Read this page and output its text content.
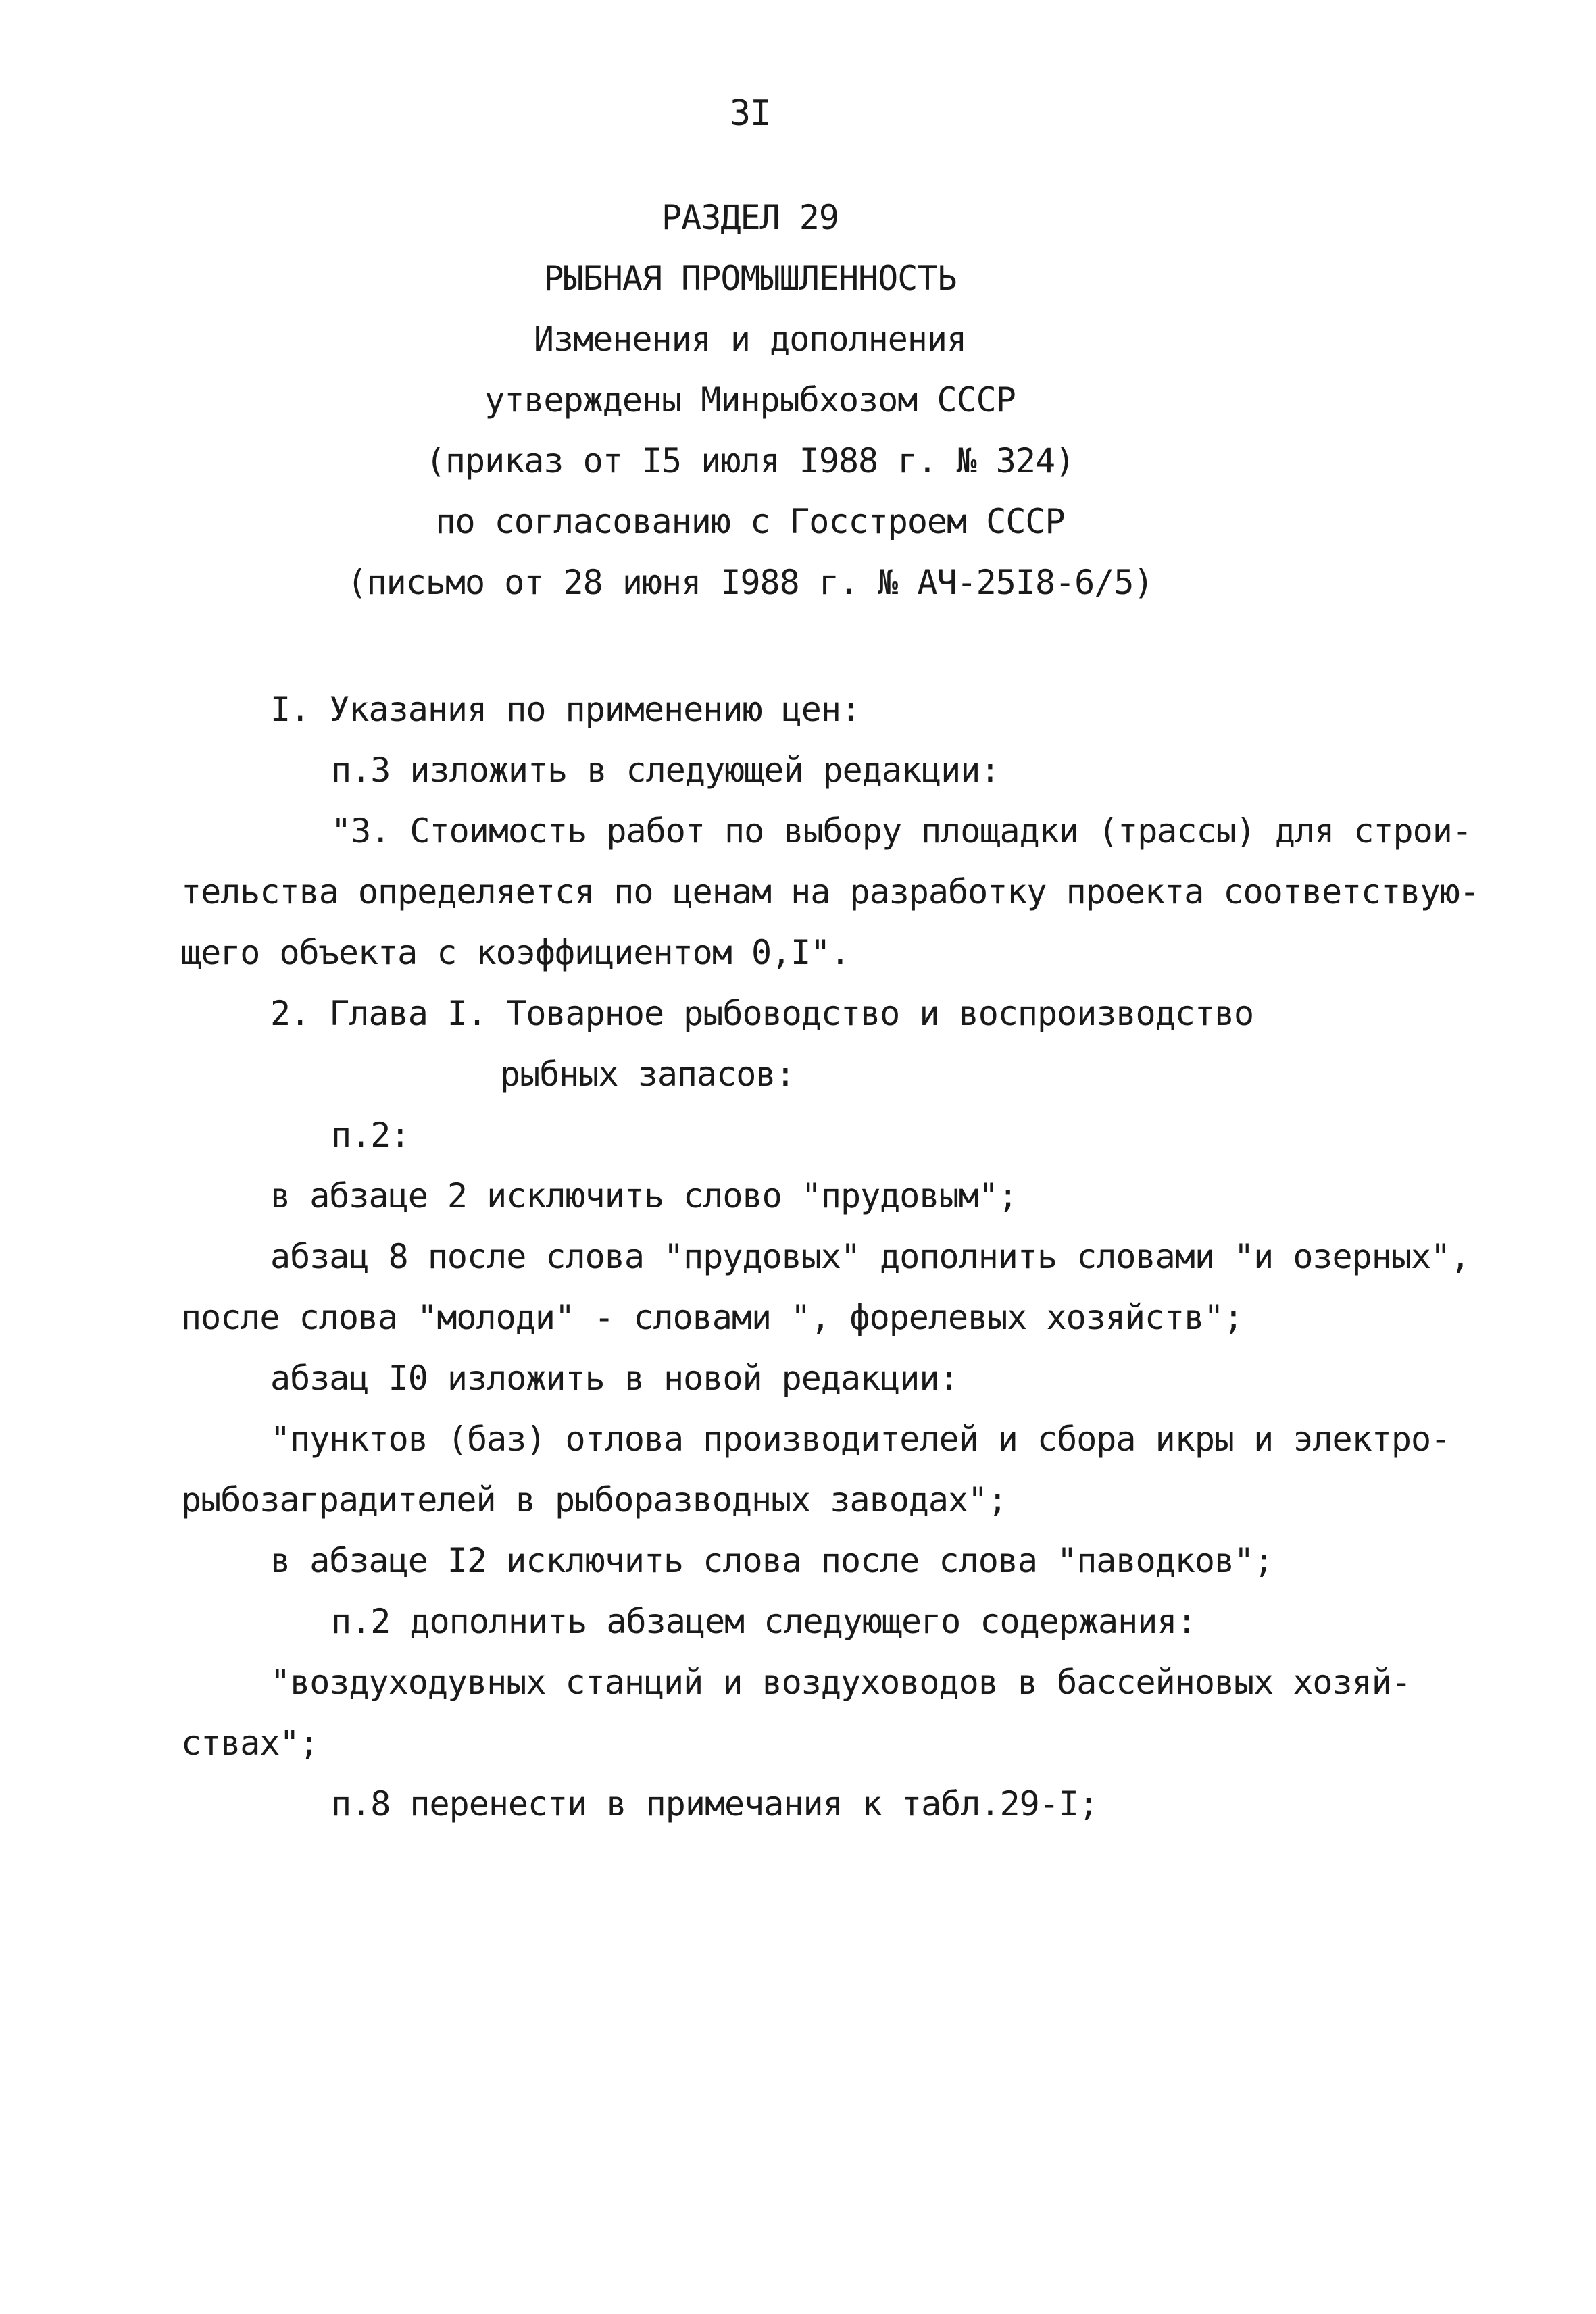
3I
РАЗДЕЛ 29
РЫБНАЯ ПРОМЫШЛЕННОСТЬ
Изменения и дополнения
утверждены Минрыбхозом СССР
(приказ от I5 июля I988 г. № 324)
по согласованию с Госстроем СССР
(письмо от 28 июня I988 г. № АЧ-25I8-6/5)
I. Указания по применению цен:
п.3 изложить в следующей редакции:
"3. Стоимость работ по выбору площадки (трассы) для строи-
тельства определяется по ценам на разработку проекта соответствую-
щего объекта с коэффициентом 0,I".
2. Глава I. Товарное рыбоводство и воспроизводство
рыбных запасов:
п.2:
в абзаце 2 исключить слово "прудовым";
абзац 8 после слова "прудовых" дополнить словами "и озерных",
после слова "молоди" - словами ", форелевых хозяйств";
абзац I0 изложить в новой редакции:
"пунктов (баз) отлова производителей и сбора икры и электро-
рыбозаградителей в рыборазводных заводах";
в абзаце I2 исключить слова после слова "паводков";
п.2 дополнить абзацем следующего содержания:
"воздуходувных станций и воздуховодов в бассейновых хозяй-
ствах";
п.8 перенести в примечания к табл.29-I;
